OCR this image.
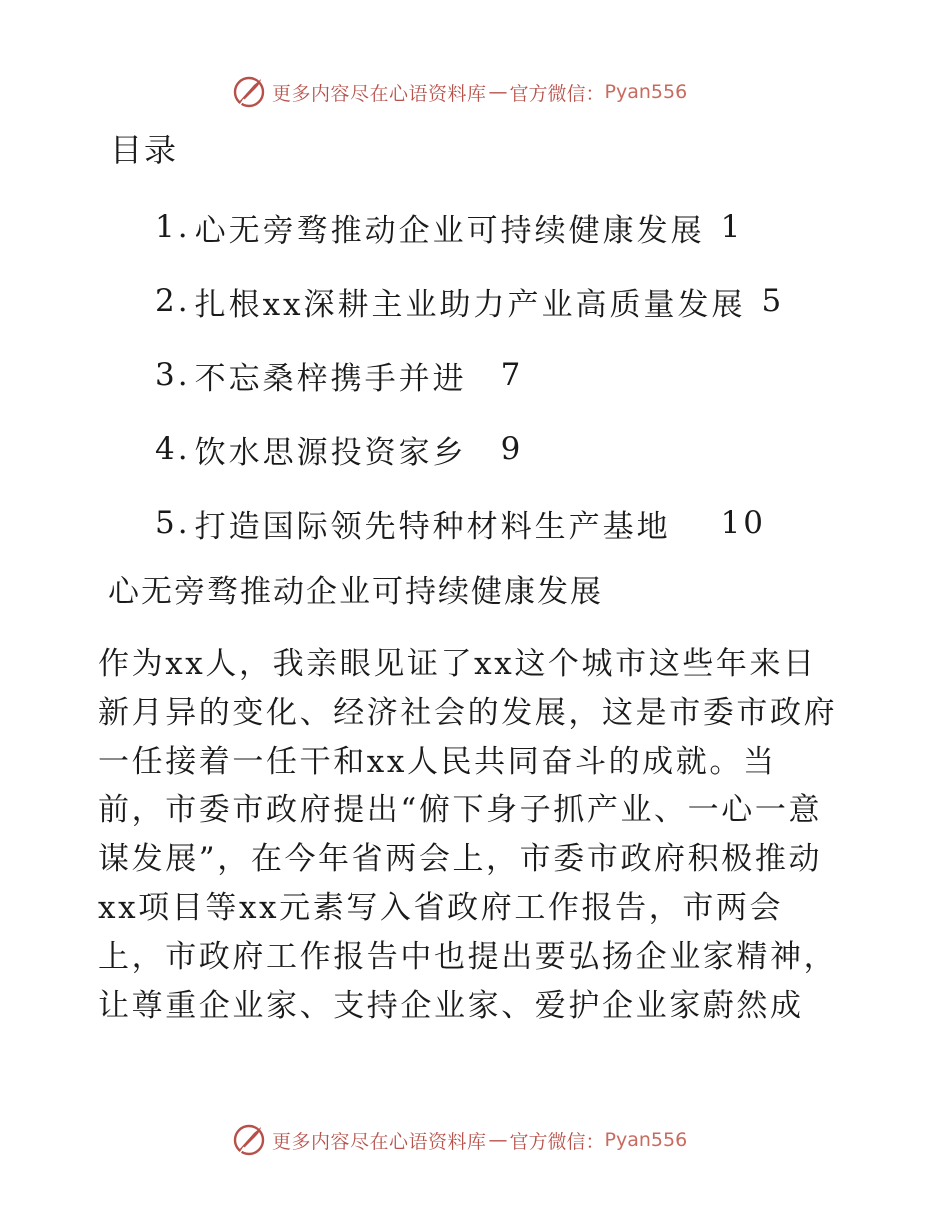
更多内容尽在心语资料库 — 官方微信： Pyan556
目录
1. 心无旁骛推动企业可持续健康发展 1
2. 扎根xx深耕主业助力产业高质量发展 5
3. 不忘桑梓携手并进 7
4. 饮水思源投资家乡 9
5. 打造国际领先特种材料生产基地 10
心无旁骛推动企业可持续健康发展
作为xx人，我亲眼见证了xx这个城市这些年来日
新月异的变化、经济社会的发展，这是市委市政府
一任接着一任干和xx人民共同奋斗的成就。当
前，市委市政府提出“俯下身子抓产业、一心一意
谋发展”，在今年省两会上，市委市政府积极推动
xx项目等xx元素写入省政府工作报告，市两会
上，市政府工作报告中也提出要弘扬企业家精神，
让尊重企业家、支持企业家、爱护企业家蔚然成
更多内容尽在心语资料库 — 官方微信： Pyan556
